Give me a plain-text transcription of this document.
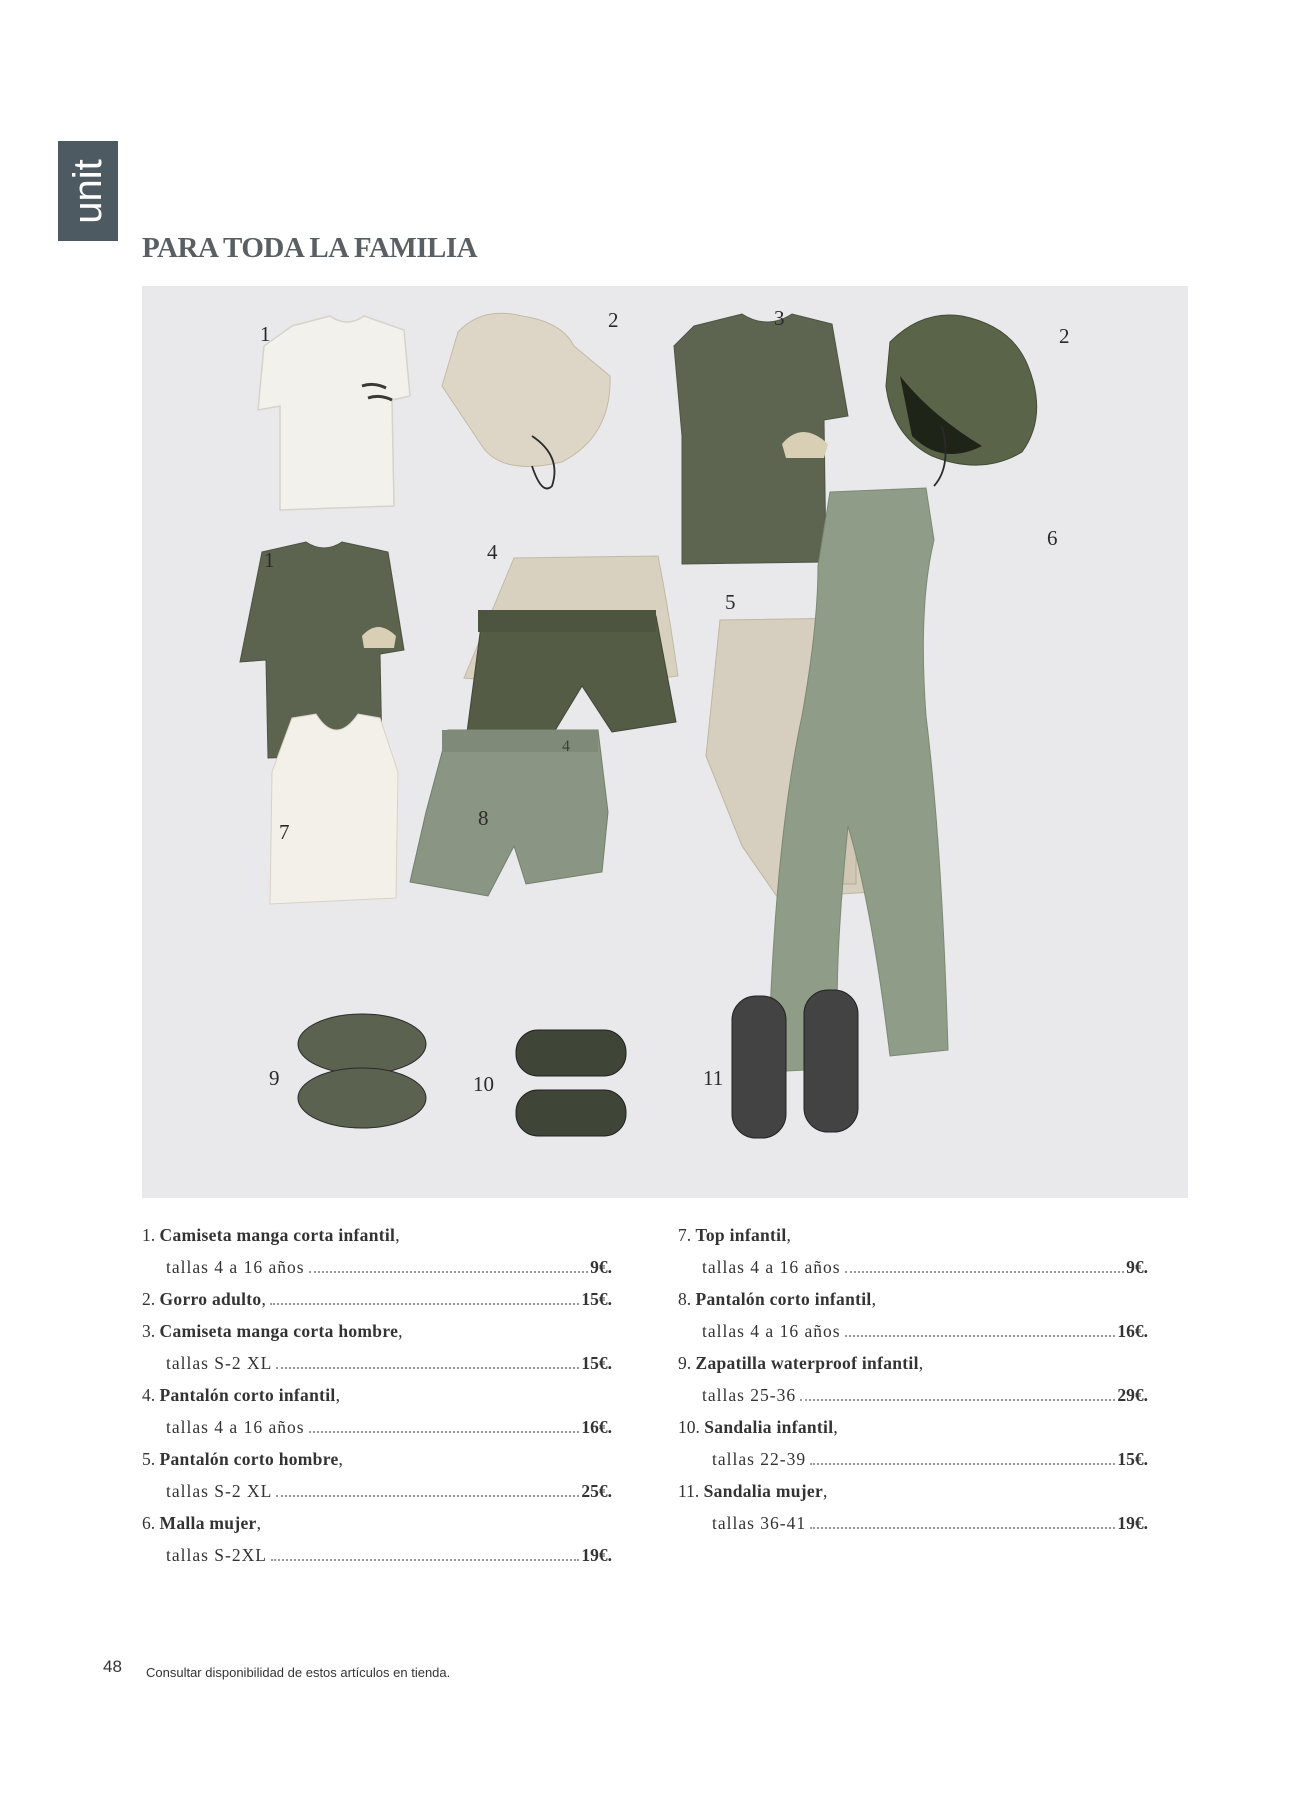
unit
PARA TODA LA FAMILIA
1
2	3
2
1	4
6
5
4
7
8
9	10	11
1. Camiseta manga corta infantil,
tallas 4 a 16 años	9€.
2.
Gorro adulto ,	15€.
3. Camiseta manga corta hombre,
tallas S-2 XL	15€.
4. Pantalón corto infantil,
tallas 4 a 16 años	16€.
5. Pantalón corto hombre,
tallas S-2 XL	25€.
6. Malla mujer,
tallas S-2XL	19€.
7. Top infantil,
tallas 4 a 16 años	9€.
8. Pantalón corto infantil,
tallas 4 a 16 años	16€.
9. Zapatilla waterproof infantil,
tallas 25-36	29€.
10. Sandalia infantil,
tallas 22-39	15€.
11. Sandalia mujer,
tallas 36-41	19€.
48 Consultar disponibilidad de estos artículos en tienda.
